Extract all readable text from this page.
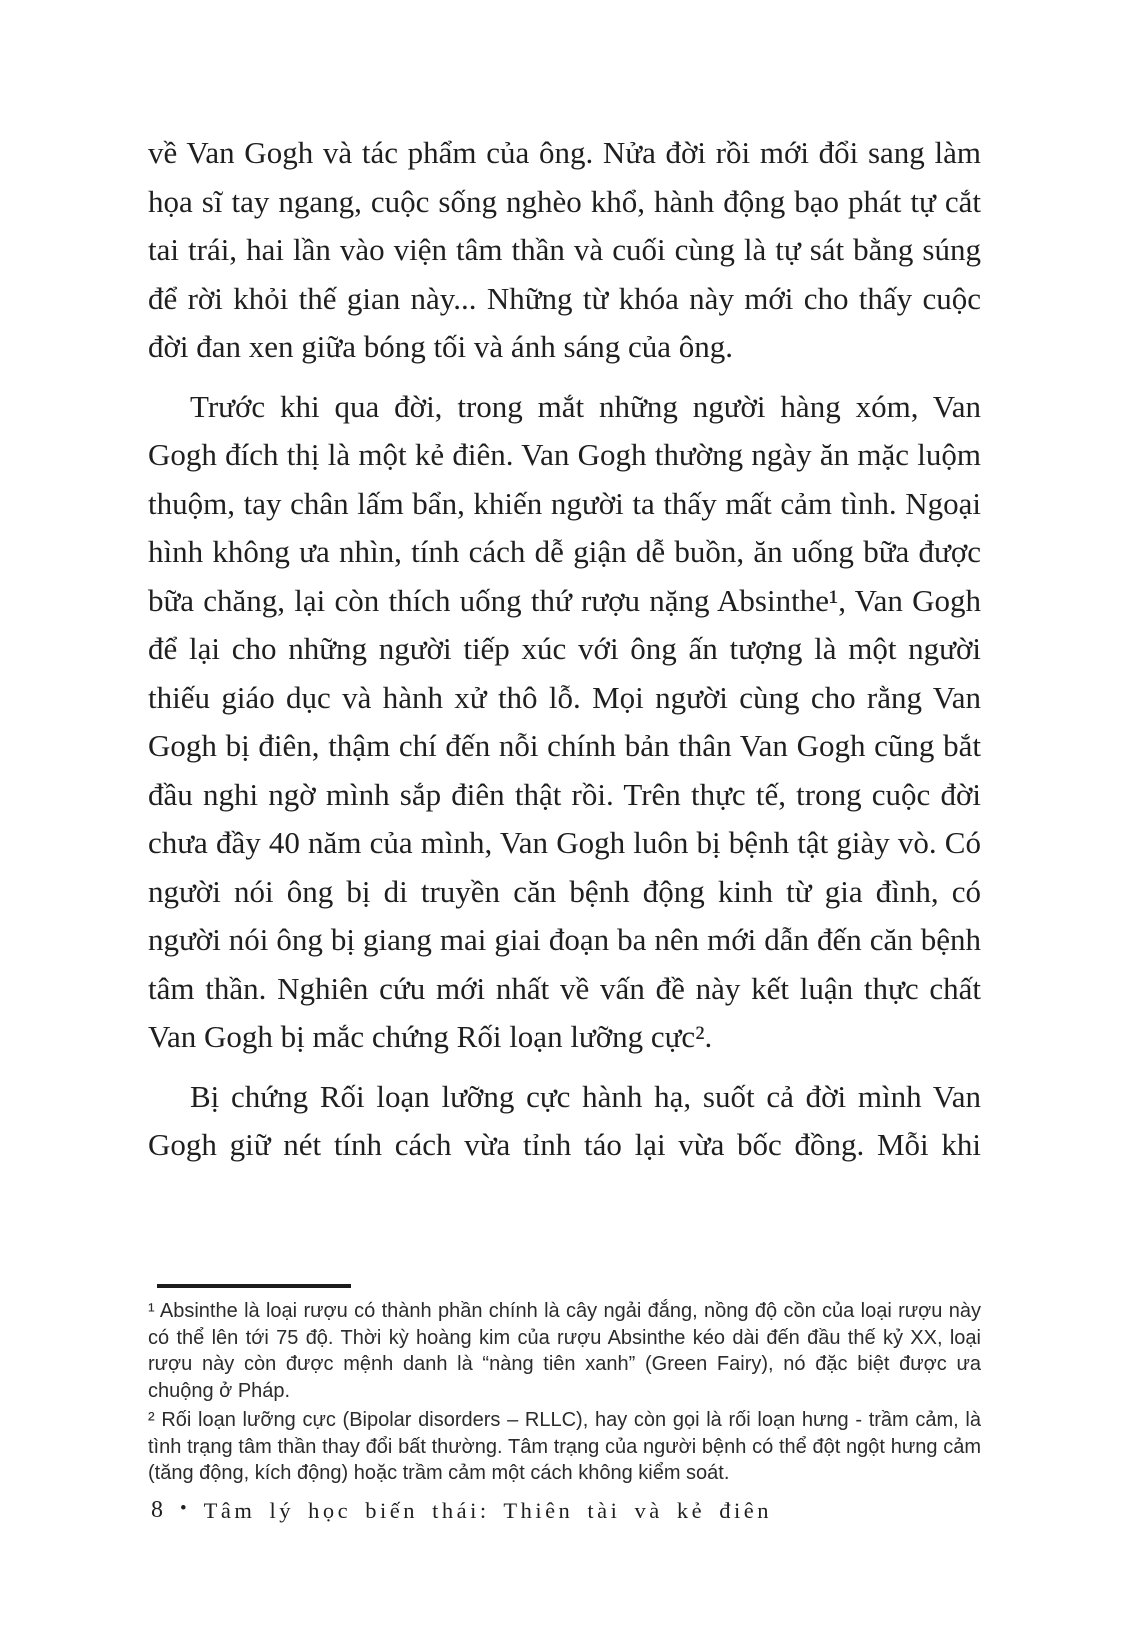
về Van Gogh và tác phẩm của ông. Nửa đời rồi mới đổi sang làm họa sĩ tay ngang, cuộc sống nghèo khổ, hành động bạo phát tự cắt tai trái, hai lần vào viện tâm thần và cuối cùng là tự sát bằng súng để rời khỏi thế gian này... Những từ khóa này mới cho thấy cuộc đời đan xen giữa bóng tối và ánh sáng của ông.

Trước khi qua đời, trong mắt những người hàng xóm, Van Gogh đích thị là một kẻ điên. Van Gogh thường ngày ăn mặc luộm thuộm, tay chân lấm bẩn, khiến người ta thấy mất cảm tình. Ngoại hình không ưa nhìn, tính cách dễ giận dễ buồn, ăn uống bữa được bữa chăng, lại còn thích uống thứ rượu nặng Absinthe¹, Van Gogh để lại cho những người tiếp xúc với ông ấn tượng là một người thiếu giáo dục và hành xử thô lỗ. Mọi người cùng cho rằng Van Gogh bị điên, thậm chí đến nỗi chính bản thân Van Gogh cũng bắt đầu nghi ngờ mình sắp điên thật rồi. Trên thực tế, trong cuộc đời chưa đầy 40 năm của mình, Van Gogh luôn bị bệnh tật giày vò. Có người nói ông bị di truyền căn bệnh động kinh từ gia đình, có người nói ông bị giang mai giai đoạn ba nên mới dẫn đến căn bệnh tâm thần. Nghiên cứu mới nhất về vấn đề này kết luận thực chất Van Gogh bị mắc chứng Rối loạn lưỡng cực².

Bị chứng Rối loạn lưỡng cực hành hạ, suốt cả đời mình Van Gogh giữ nét tính cách vừa tỉnh táo lại vừa bốc đồng. Mỗi khi

¹ Absinthe là loại rượu có thành phần chính là cây ngải đắng, nồng độ cồn của loại rượu này có thể lên tới 75 độ. Thời kỳ hoàng kim của rượu Absinthe kéo dài đến đầu thế kỷ XX, loại rượu này còn được mệnh danh là “nàng tiên xanh” (Green Fairy), nó đặc biệt được ưa chuộng ở Pháp.

² Rối loạn lưỡng cực (Bipolar disorders – RLLC), hay còn gọi là rối loạn hưng - trầm cảm, là tình trạng tâm thần thay đổi bất thường. Tâm trạng của người bệnh có thể đột ngột hưng cảm (tăng động, kích động) hoặc trầm cảm một cách không kiểm soát.

8 • Tâm lý học biến thái: Thiên tài và kẻ điên
